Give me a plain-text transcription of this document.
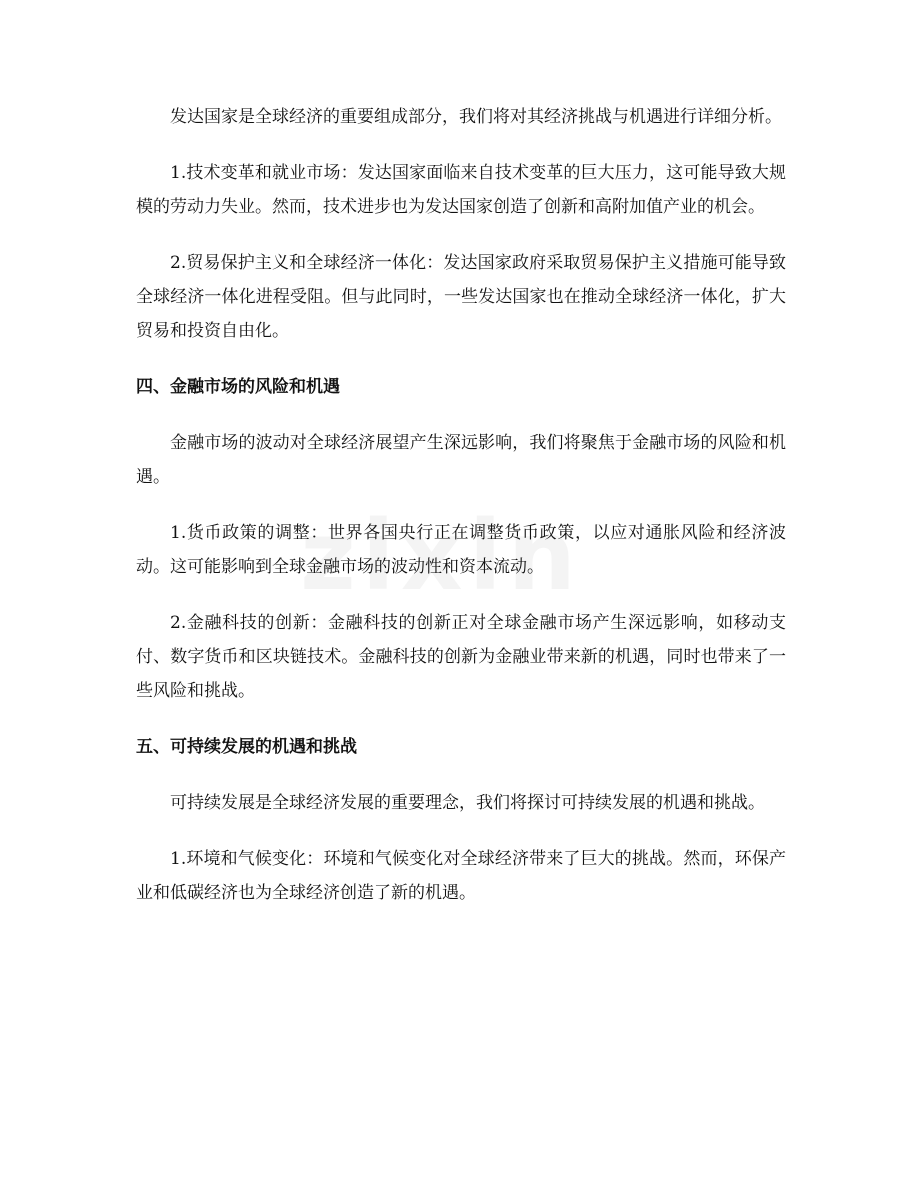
发达国家是全球经济的重要组成部分，我们将对其经济挑战与机遇进行详细分析。

1.技术变革和就业市场：发达国家面临来自技术变革的巨大压力，这可能导致大规模的劳动力失业。然而，技术进步也为发达国家创造了创新和高附加值产业的机会。

2.贸易保护主义和全球经济一体化：发达国家政府采取贸易保护主义措施可能导致全球经济一体化进程受阻。但与此同时，一些发达国家也在推动全球经济一体化，扩大贸易和投资自由化。

四、金融市场的风险和机遇

金融市场的波动对全球经济展望产生深远影响，我们将聚焦于金融市场的风险和机遇。

1.货币政策的调整：世界各国央行正在调整货币政策，以应对通胀风险和经济波动。这可能影响到全球金融市场的波动性和资本流动。

2.金融科技的创新：金融科技的创新正对全球金融市场产生深远影响，如移动支付、数字货币和区块链技术。金融科技的创新为金融业带来新的机遇，同时也带来了一些风险和挑战。

五、可持续发展的机遇和挑战

可持续发展是全球经济发展的重要理念，我们将探讨可持续发展的机遇和挑战。

1.环境和气候变化：环境和气候变化对全球经济带来了巨大的挑战。然而，环保产业和低碳经济也为全球经济创造了新的机遇。
